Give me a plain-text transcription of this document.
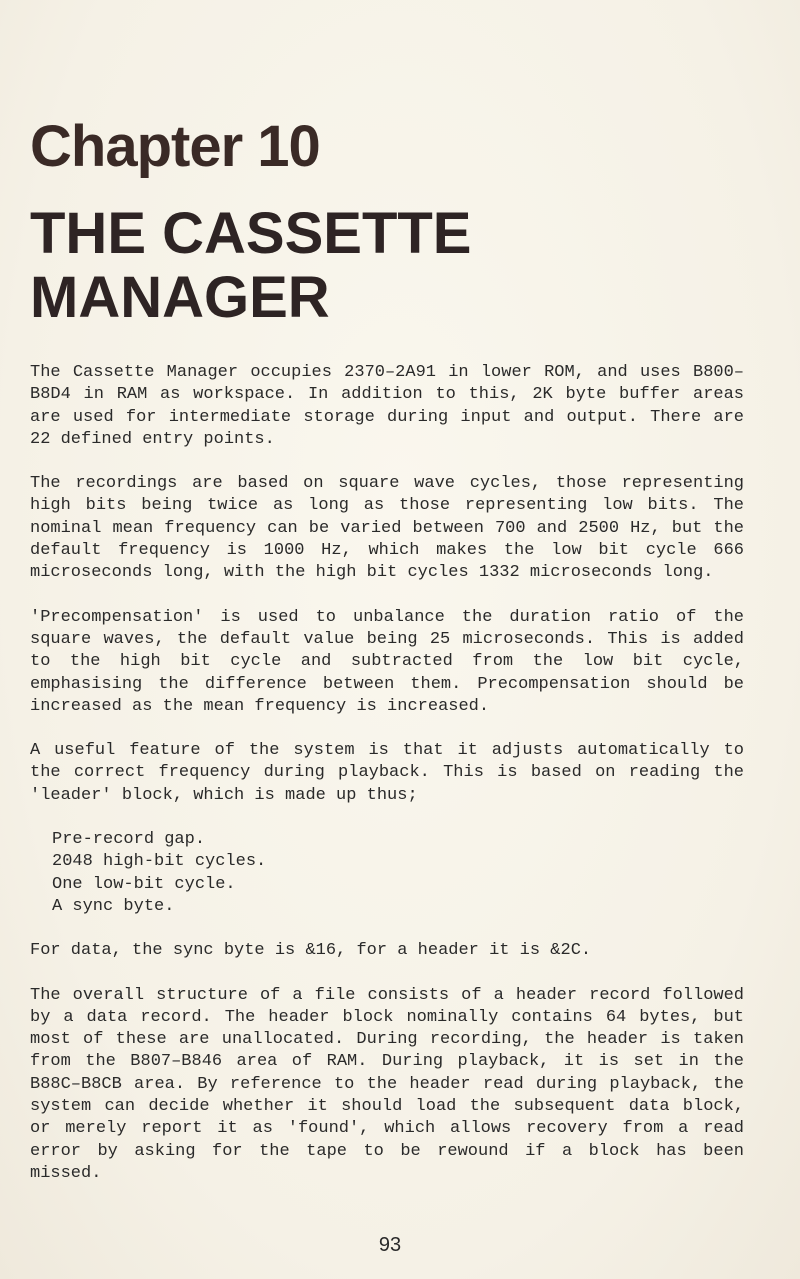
Chapter 10
THE CASSETTE MANAGER

The Cassette Manager occupies 2370–2A91 in lower ROM, and uses B800–B8D4 in RAM as workspace. In addition to this, 2K byte buffer areas are used for intermediate storage during input and output. There are 22 defined entry points.

The recordings are based on square wave cycles, those representing high bits being twice as long as those representing low bits. The nominal mean frequency can be varied between 700 and 2500 Hz, but the default frequency is 1000 Hz, which makes the low bit cycle 666 microseconds long, with the high bit cycles 1332 microseconds long.

'Precompensation' is used to unbalance the duration ratio of the square waves, the default value being 25 microseconds. This is added to the high bit cycle and subtracted from the low bit cycle, emphasising the difference between them. Precompensation should be increased as the mean frequency is increased.

A useful feature of the system is that it adjusts automatically to the correct frequency during playback. This is based on reading the 'leader' block, which is made up thus;

Pre-record gap.
2048 high-bit cycles.
One low-bit cycle.
A sync byte.

For data, the sync byte is &16, for a header it is &2C.

The overall structure of a file consists of a header record followed by a data record. The header block nominally contains 64 bytes, but most of these are unallocated. During recording, the header is taken from the B807–B846 area of RAM. During playback, it is set in the B88C–B8CB area. By reference to the header read during playback, the system can decide whether it should load the subsequent data block, or merely report it as 'found', which allows recovery from a read error by asking for the tape to be rewound if a block has been missed.

93
